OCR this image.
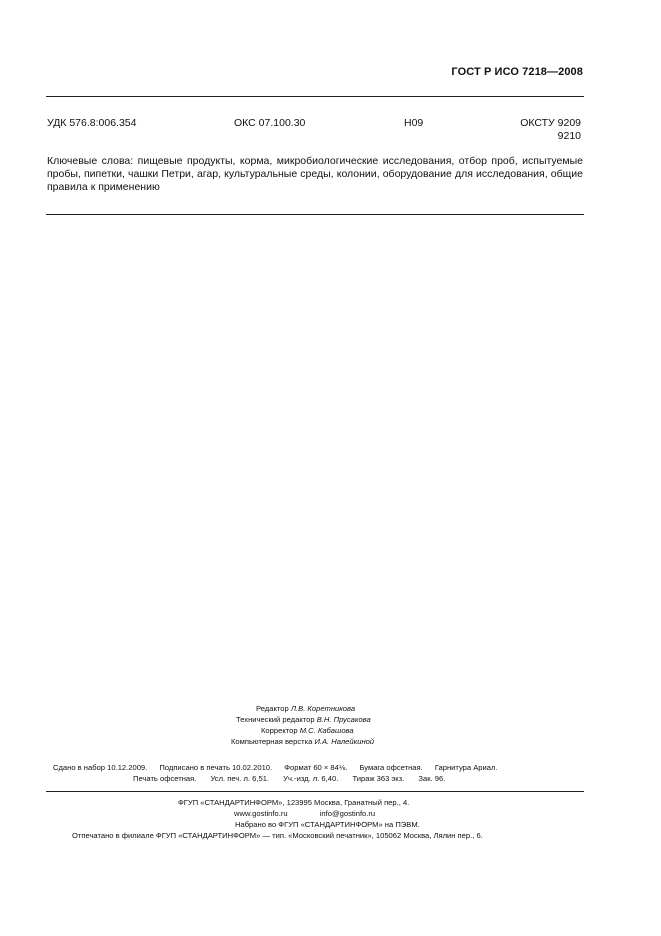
ГОСТ Р ИСО 7218—2008
УДК 576.8:006.354	ОКС 07.100.30	Н09	ОКСТУ 9209
9210
Ключевые слова: пищевые продукты, корма, микробиологические исследования, отбор проб, испытуемые пробы, пипетки, чашки Петри, агар, культуральные среды, колонии, оборудование для исследования, общие правила к применению
Редактор Л.В. Коретникова
Технический редактор В.Н. Прусакова
Корректор М.С. Кабашова
Компьютерная верстка И.А. Налейкиной
Сдано в набор 10.12.2009. Подписано в печать 10.02.2010. Формат 60 × 84⅛. Бумага офсетная. Гарнитура Ариал.
Печать офсетная. Усл. печ. л. 6,51. Уч.-изд. л. 6,40. Тираж 363 экз. Зак. 96.
ФГУП «СТАНДАРТИНФОРМ», 123995 Москва, Гранатный пер., 4.
www.gostinfo.ru	info@gostinfo.ru
Набрано во ФГУП «СТАНДАРТИНФОРМ» на ПЭВМ.
Отпечатано в филиале ФГУП «СТАНДАРТИНФОРМ» — тип. «Московский печатник», 105062 Москва, Лялин пер., 6.
